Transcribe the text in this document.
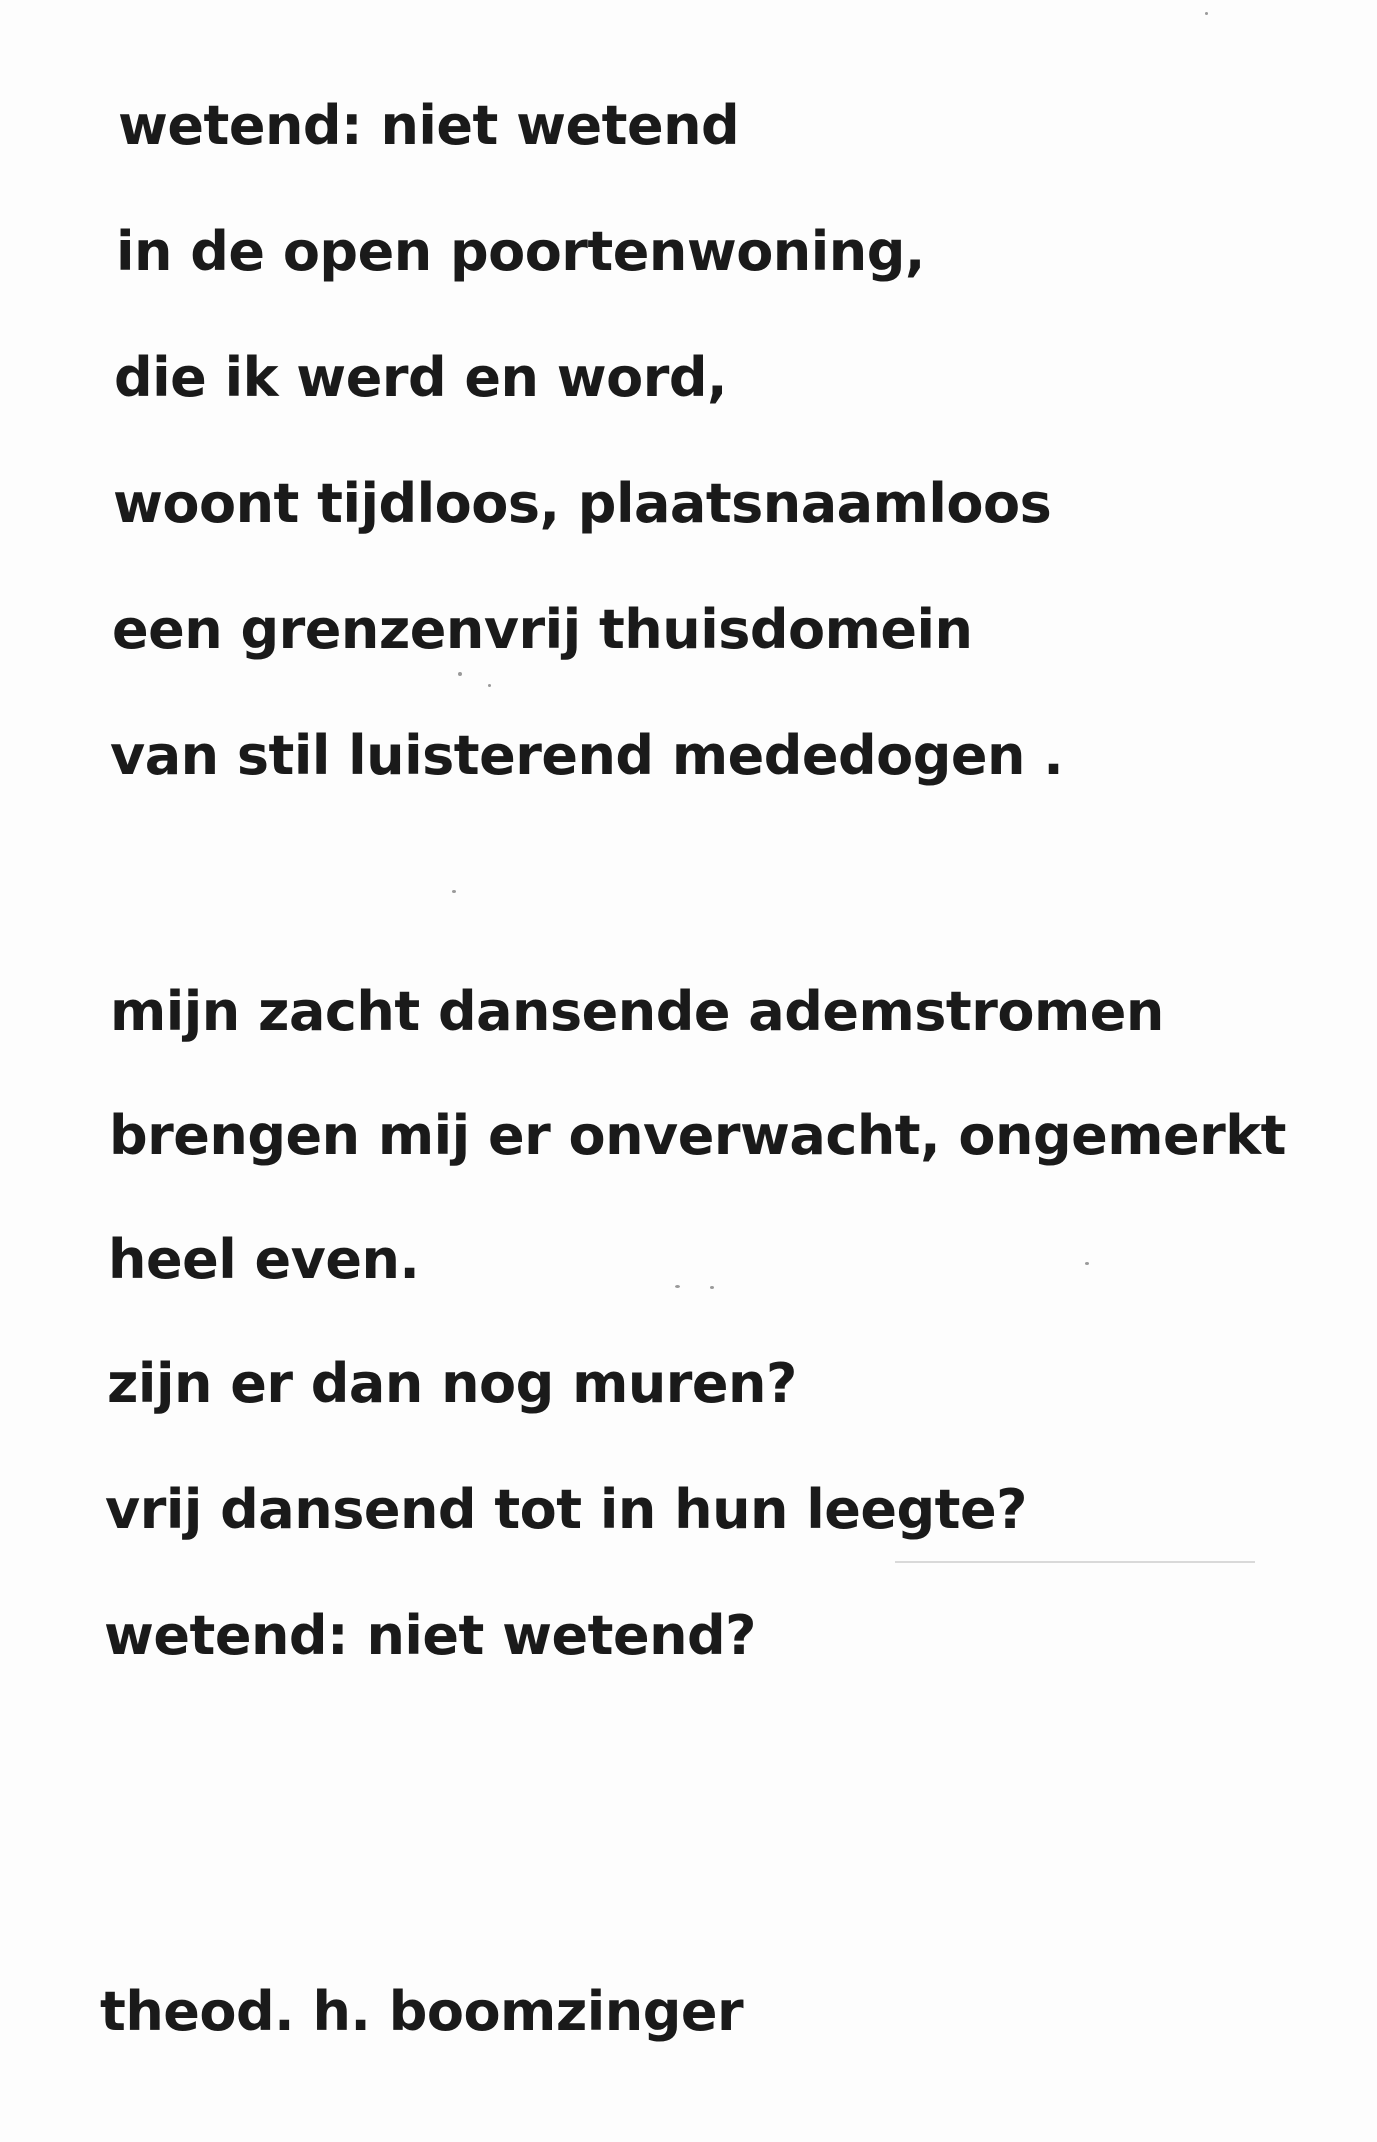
wetend: niet wetend

in de open poortenwoning,

die ik werd en word,

woont tijdloos, plaatsnaamloos

een grenzenvrij thuisdomein

van stil luisterend mededogen .

mijn zacht dansende ademstromen

brengen mij er onverwacht, ongemerkt

heel even.

zijn er dan nog muren?

vrij dansend tot in hun leegte?

wetend: niet wetend?

theod. h. boomzinger
